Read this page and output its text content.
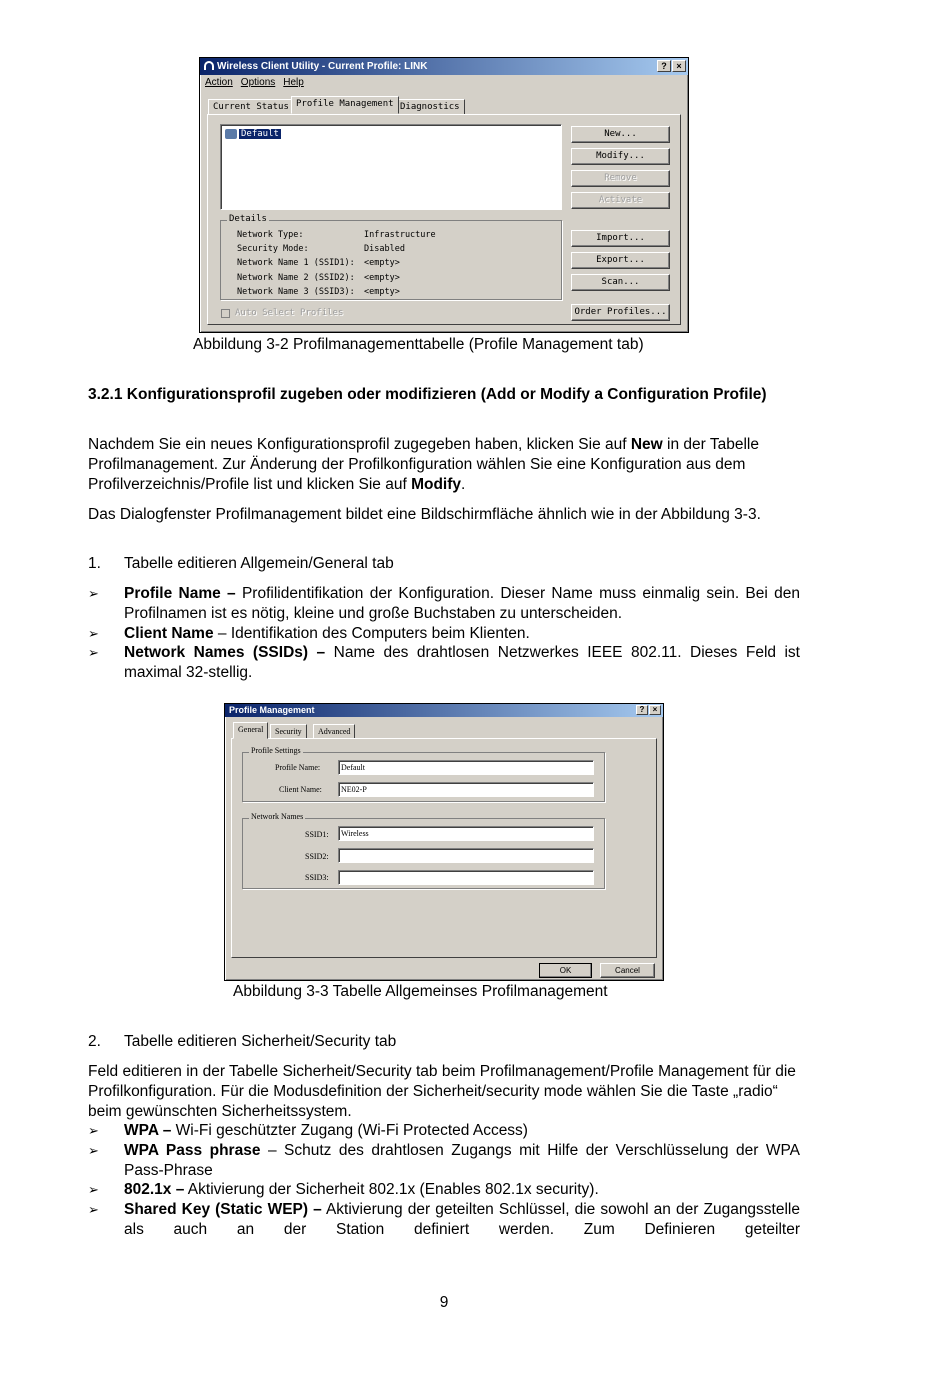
Wireless Client Utility - Current Profile: LINK	?	×
Action Options Help
Current Status Profile Management Diagnostics
Default	New...
Modify...
Remove
Activate
Import...
Export...
Scan...
Order Profiles...
Details
Auto Select Profiles
Network Type:	Infrastructure
Security Mode:	Disabled
Network Name 1 (SSID1): <empty>
Network Name 2 (SSID2): <empty>
Network Name 3 (SSID3): <empty>
Abbildung 3-2 Profilmanagementtabelle (Profile Management tab)
3.2.1 Konfigurationsprofil zugeben oder modifizieren (Add or Modify a Configuration Profile)
Nachdem Sie ein neues Konfigurationsprofil zugegeben haben, klicken Sie auf New in der Tabelle Profilmanagement. Zur Änderung der Profilkonfiguration wählen Sie eine Konfiguration aus dem Profilverzeichnis/Profile list und klicken Sie auf Modify.
Das Dialogfenster Profilmanagement bildet eine Bildschirmfläche ähnlich wie in der Abbildung 3-3.
1. Tabelle editieren Allgemein/General tab
➢ Profile Name – Profilidentifikation der Konfiguration. Dieser Name muss einmalig sein. Bei den Profilnamen ist es nötig, kleine und große Buchstaben zu unterscheiden.
➢ Client Name – Identifikation des Computers beim Klienten.
➢ Network Names (SSIDs) – Name des drahtlosen Netzwerkes IEEE 802.11. Dieses Feld ist maximal 32-stellig.
Profile Management	?	×
General	Security	Advanced
Profile Settings
Profile Name:	Default
Client Name:	NE02-P
Network Names
SSID1:	Wireless
SSID2:
SSID3:
OK	Cancel
Abbildung 3-3 Tabelle Allgemeinses Profilmanagement
2. Tabelle editieren Sicherheit/Security tab
Feld editieren in der Tabelle Sicherheit/Security tab beim Profilmanagement/Profile Management für die Profilkonfiguration. Für die Modusdefinition der Sicherheit/security mode wählen Sie die Taste „radio“ beim gewünschten Sicherheitssystem.
➢ WPA – Wi-Fi geschützter Zugang (Wi-Fi Protected Access)
➢ WPA Pass phrase – Schutz des drahtlosen Zugangs mit Hilfe der Verschlüsselung der WPA Pass-Phrase
➢ 802.1x – Aktivierung der Sicherheit 802.1x (Enables 802.1x security).
➢ Shared Key (Static WEP) – Aktivierung der geteilten Schlüssel, die sowohl an der Zugangsstelle als auch an der Station definiert werden. Zum Definieren geteilter
9
